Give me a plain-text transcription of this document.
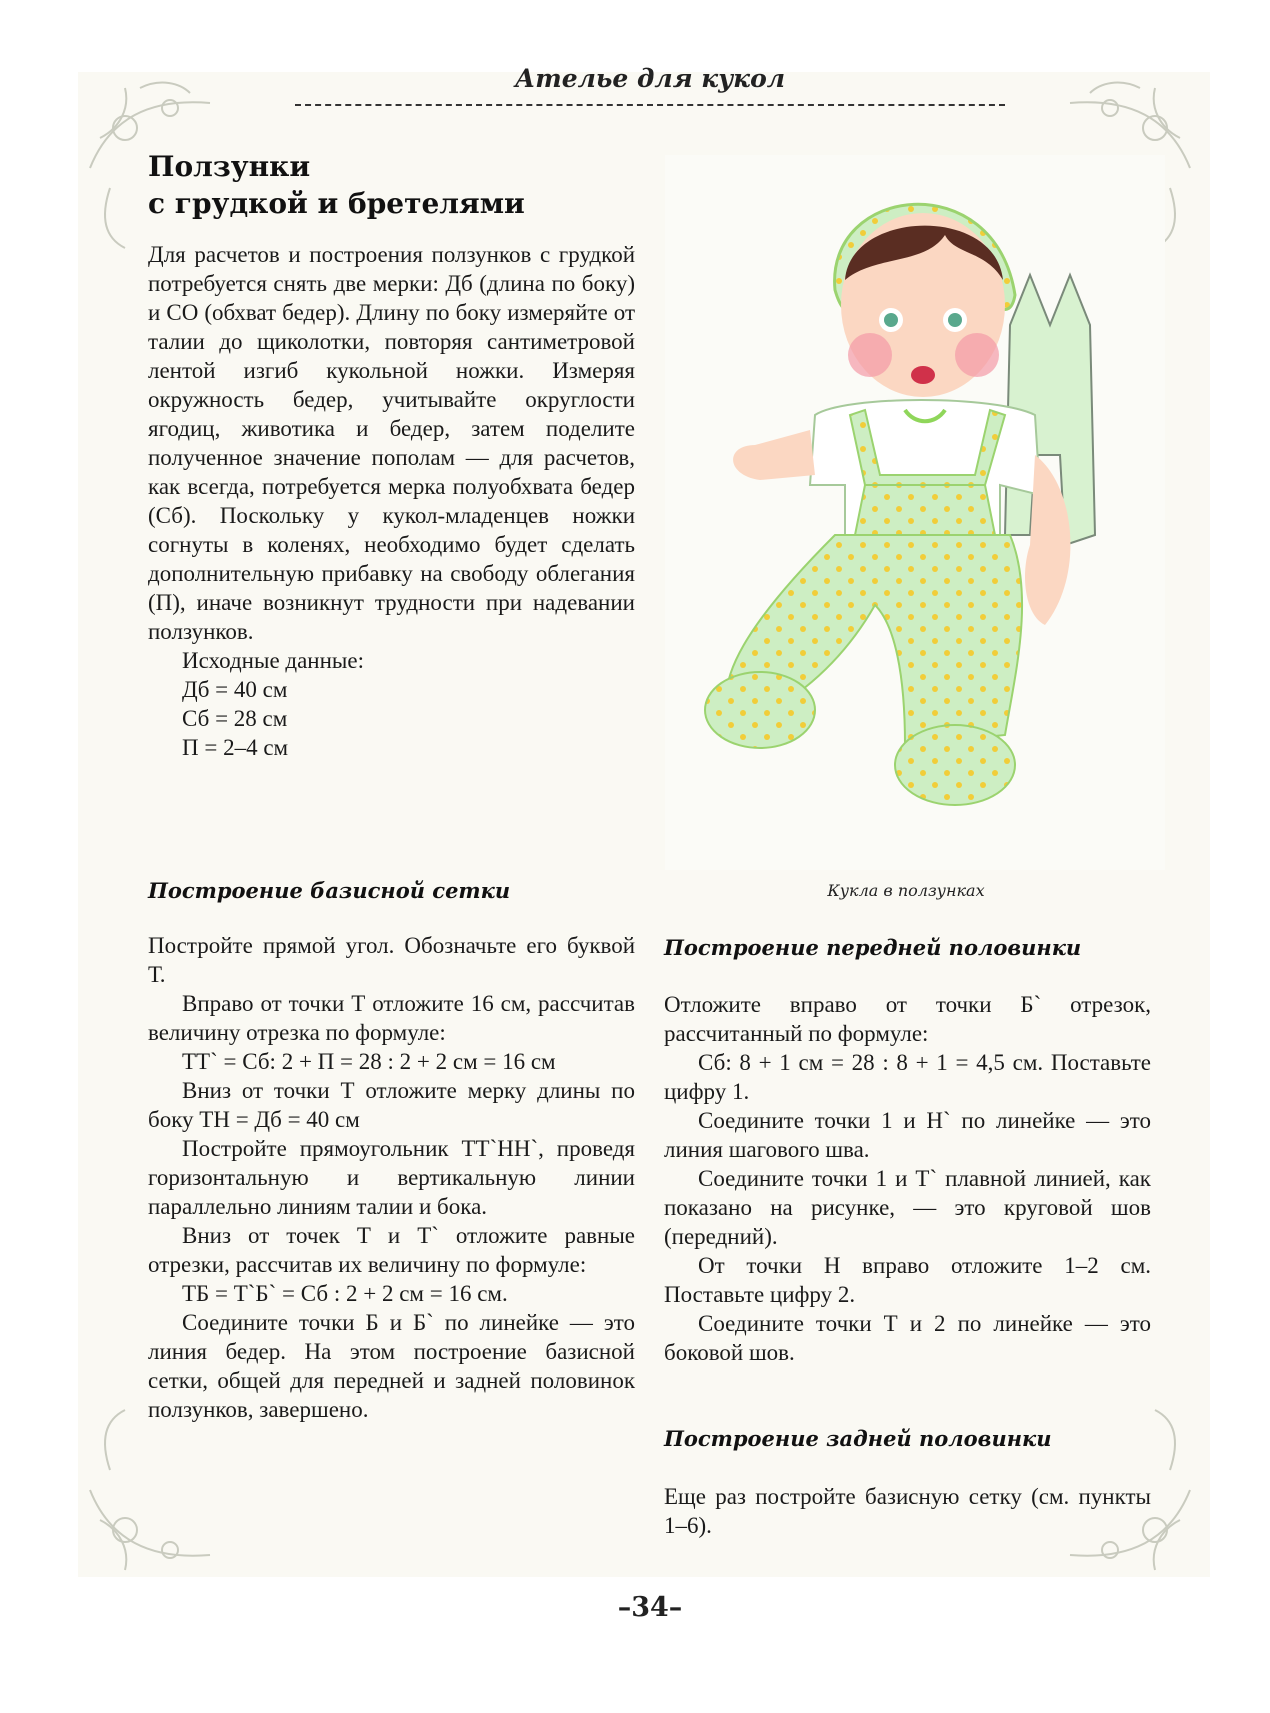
Ателье для кукол
Ползунки
с грудкой и бретелями

Для расчетов и построения ползунков с грудкой потребуется снять две мерки: Дб (длина по боку) и СО (обхват бедер). Длину по боку измеряйте от талии до щиколотки, повторяя сантиметровой лентой изгиб кукольной ножки. Измеряя окружность бедер, учитывайте округлости ягодиц, животика и бедер, затем поделите полученное значение пополам — для расчетов, как всегда, потребуется мерка полуобхвата бедер (Сб). Поскольку у кукол-младенцев ножки согнуты в коленях, необходимо будет сделать дополнительную прибавку на свободу облегания (П), иначе возникнут трудности при надевании ползунков.

Исходные данные:

Дб = 40 см

Сб = 28 см

П = 2–4 см

Кукла в ползунках
Построение базисной сетки

Постройте прямой угол. Обозначьте его буквой Т.

Вправо от точки Т отложите 16 см, рассчитав величину отрезка по формуле:

ТТ` = Сб: 2 + П = 28 : 2 + 2 см = 16 см

Вниз от точки Т отложите мерку длины по боку ТН = Дб = 40 см

Постройте прямоугольник ТТ`НН`, проведя горизонтальную и вертикальную линии параллельно линиям талии и бока.

Вниз от точек Т и Т` отложите равные отрезки, рассчитав их величину по формуле:

ТБ = Т`Б` = Сб : 2 + 2 см = 16 см.

Соедините точки Б и Б` по линейке — это линия бедер. На этом построение базисной сетки, общей для передней и задней половинок ползунков, завершено.

Построение передней половинки

Отложите вправо от точки Б` отрезок, рассчитанный по формуле:

Сб: 8 + 1 см = 28 : 8 + 1 = 4,5 см. Поставьте цифру 1.

Соедините точки 1 и Н` по линейке — это линия шагового шва.

Соедините точки 1 и Т` плавной линией, как показано на рисунке, — это круговой шов (передний).

От точки Н вправо отложите 1–2 см. Поставьте цифру 2.

Соедините точки Т и 2 по линейке — это боковой шов.

Построение задней половинки

Еще раз постройте базисную сетку (см. пункты 1–6).

–34–
